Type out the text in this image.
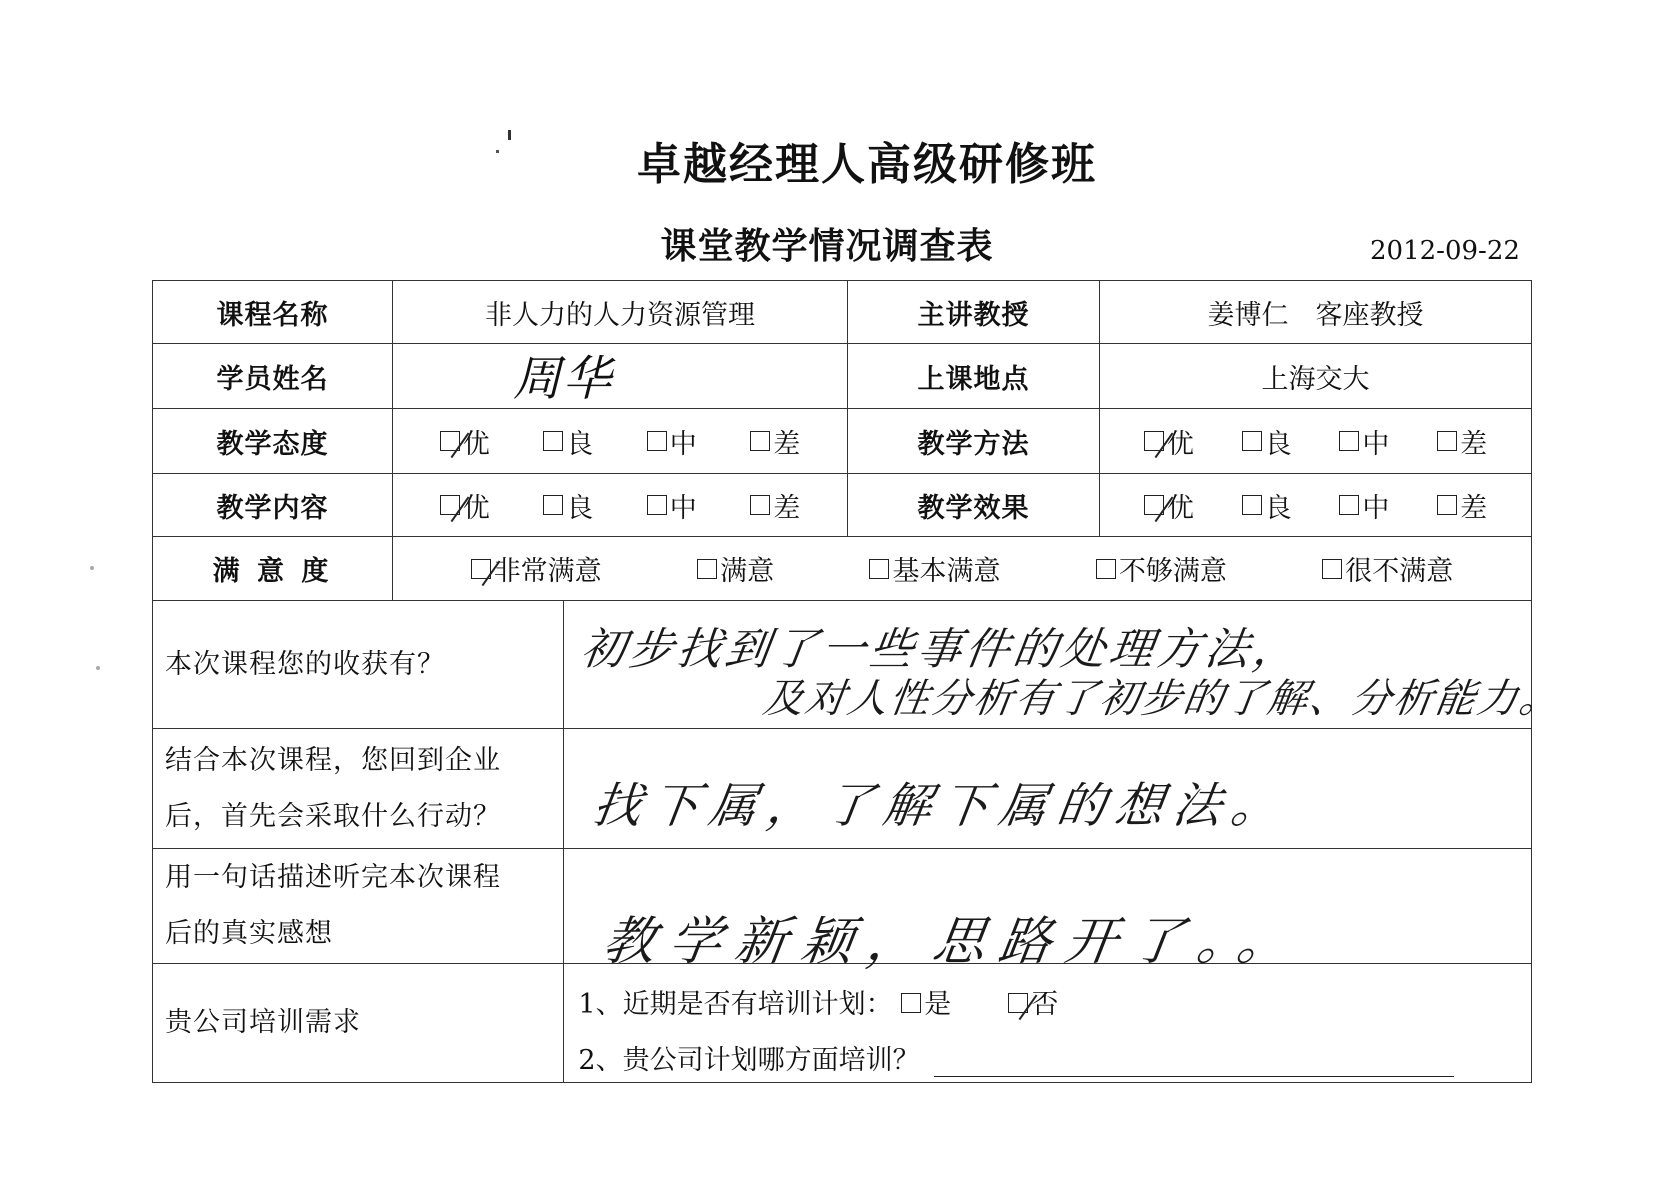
卓越经理人高级研修班
课堂教学情况调查表	2012-09-22
课程名称	非人力的人力资源管理	主讲教授	姜博仁　客座教授
学员姓名	周华	上课地点	上海交大
教学态度	优	良	中	差	教学方法	优	良	中	差
教学内容	优	良	中	差	教学效果	优	良	中	差
满 意 度	非常满意	满意	基本满意	不够满意	很不满意
本次课程您的收获有？	初步找到了一些事件的处理方法，
及对人性分析有了初步的了解、分析能力。
结合本次课程，您回到企业
后，首先会采取什么行动？ 找下属，了解下属的想法。
用一句话描述听完本次课程
后的真实感想	教学新颖，思路开了。。
贵公司培训需求
1、近期是否有培训计划： 是	否
2、贵公司计划哪方面培训？
